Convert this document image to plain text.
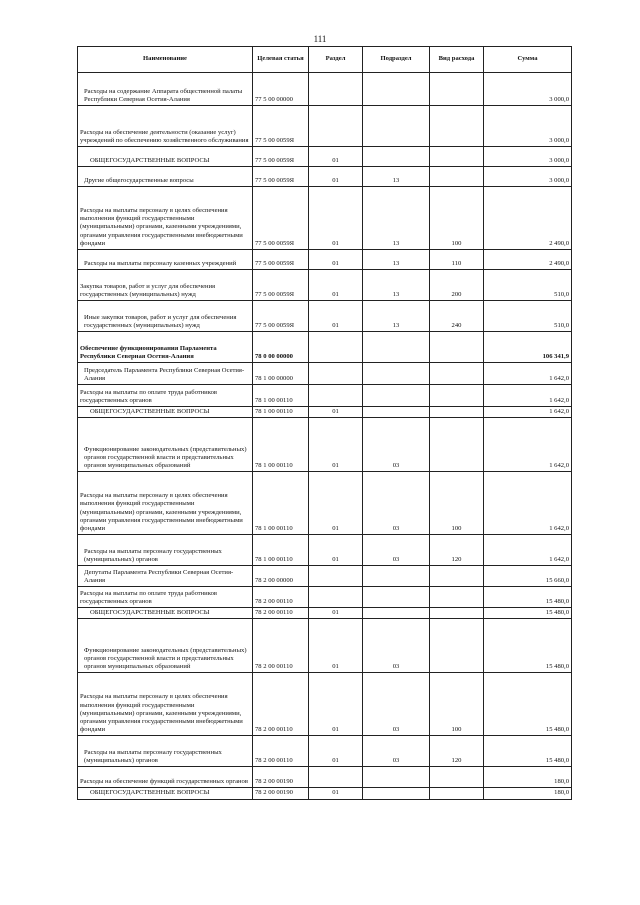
111
Наименование	Целевая статья	Раздел	Подраздел	Вид расхода	Сумма
Расходы на содержание Аппарата общественной палаты Республики Северная Осетия-Алания	77 5 00 00000				3 000,0
Расходы на обеспечение деятельности (оказание услуг) учреждений по обеспечению хозяйственного обслуживания	77 5 00 0059Я				3 000,0
ОБЩЕГОСУДАРСТВЕННЫЕ ВОПРОСЫ	77 5 00 0059Я	01			3 000,0
Другие общегосударственные вопросы	77 5 00 0059Я	01	13		3 000,0
Расходы на выплаты персоналу в целях обеспечения выполнения функций государственными (муниципальными) органами, казенными учреждениями, органами управления государственными внебюджетными фондами	77 5 00 0059Я	01	13	100	2 490,0
Расходы на выплаты персоналу казенных учреждений	77 5 00 0059Я	01	13	110	2 490,0
Закупка товаров, работ и услуг для обеспечения государственных (муниципальных) нужд	77 5 00 0059Я	01	13	200	510,0
Иные закупки товаров, работ и услуг для обеспечения государственных (муниципальных) нужд	77 5 00 0059Я	01	13	240	510,0
Обеспечение функционирования Парламента Республики Северная Осетия-Алания	78 0 00 00000				106 341,9
Председатель Парламента Республики Северная Осетия-Алания	78 1 00 00000				1 642,0
Расходы на выплаты по оплате труда работников государственных органов	78 1 00 00110				1 642,0
ОБЩЕГОСУДАРСТВЕННЫЕ ВОПРОСЫ	78 1 00 00110	01			1 642,0
Функционирование законодательных (представительных) органов государственной власти и представительных органов муниципальных образований	78 1 00 00110	01	03		1 642,0
Расходы на выплаты персоналу в целях обеспечения выполнения функций государственными (муниципальными) органами, казенными учреждениями, органами управления государственными внебюджетными фондами	78 1 00 00110	01	03	100	1 642,0
Расходы на выплаты персоналу государственных (муниципальных) органов	78 1 00 00110	01	03	120	1 642,0
Депутаты Парламента Республики Северная Осетия-Алания	78 2 00 00000				15 660,0
Расходы на выплаты по оплате труда работников государственных органов	78 2 00 00110				15 480,0
ОБЩЕГОСУДАРСТВЕННЫЕ ВОПРОСЫ	78 2 00 00110	01			15 480,0
Функционирование законодательных (представительных) органов государственной власти и представительных органов муниципальных образований	78 2 00 00110	01	03		15 480,0
Расходы на выплаты персоналу в целях обеспечения выполнения функций государственными (муниципальными) органами, казенными учреждениями, органами управления государственными внебюджетными фондами	78 2 00 00110	01	03	100	15 480,0
Расходы на выплаты персоналу государственных (муниципальных) органов	78 2 00 00110	01	03	120	15 480,0
Расходы на обеспечение функций государственных органов	78 2 00 00190				180,0
ОБЩЕГОСУДАРСТВЕННЫЕ ВОПРОСЫ	78 2 00 00190	01			180,0
